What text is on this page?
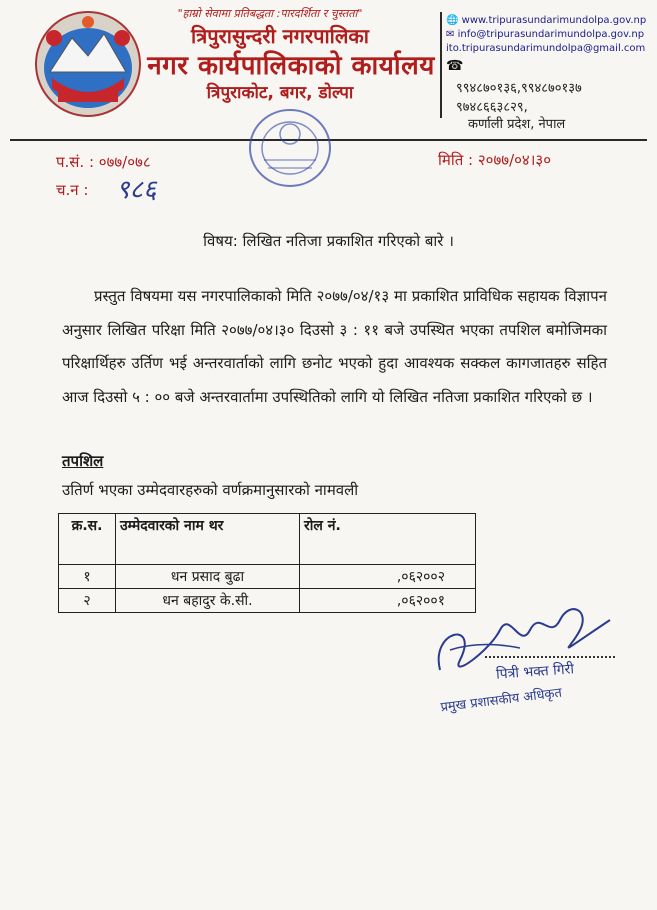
"हाम्रो सेवामा प्रतिबद्धता :पारदर्शिता र चुस्तता"
त्रिपुरासुन्दरी नगरपालिका
नगर कार्यपालिकाको कार्यालय
त्रिपुराकोट, बगर, डोल्पा
🌐 www.tripurasundarimundolpa.gov.np
✉ info@tripurasundarimundolpa.gov.np
ito.tripurasundarimundolpa@gmail.com
☎
९९४८७०१३६,९९४८७०१३७
९७४८६६३८२९,
कर्णाली प्रदेश, नेपाल
प.सं. : ०७७/०७८
च.न : ९८६
मिति : २०७७/०४।३०
विषय: लिखित नतिजा प्रकाशित गरिएको बारे ।
प्रस्तुत विषयमा यस नगरपालिकाको मिति २०७७/०४/१३ मा प्रकाशित प्राविधिक सहायक विज्ञापन अनुसार लिखित परिक्षा मिति २०७७/०४।३० दिउसो ३ : ११ बजे उपस्थित भएका तपशिल बमोजिमका परिक्षार्थिहरु उर्तिण भई अन्तरवार्ताको लागि छनोट भएको हुदा आवश्यक सक्कल कागजातहरु सहित आज दिउसो ५ : ०० बजे अन्तरवार्तामा उपस्थितिको लागि यो लिखित नतिजा प्रकाशित गरिएको छ ।
तपशिल
उतिर्ण भएका उम्मेदवारहरुको वर्णक्रमानुसारको नामवली
क्र.स.	उम्मेदवारको नाम थर	रोल नं.
१	धन प्रसाद बुढा	,०६२००२
२	धन बहादुर के.सी.	,०६२००१
पित्री भक्त गिरी
प्रमुख प्रशासकीय अधिकृत
